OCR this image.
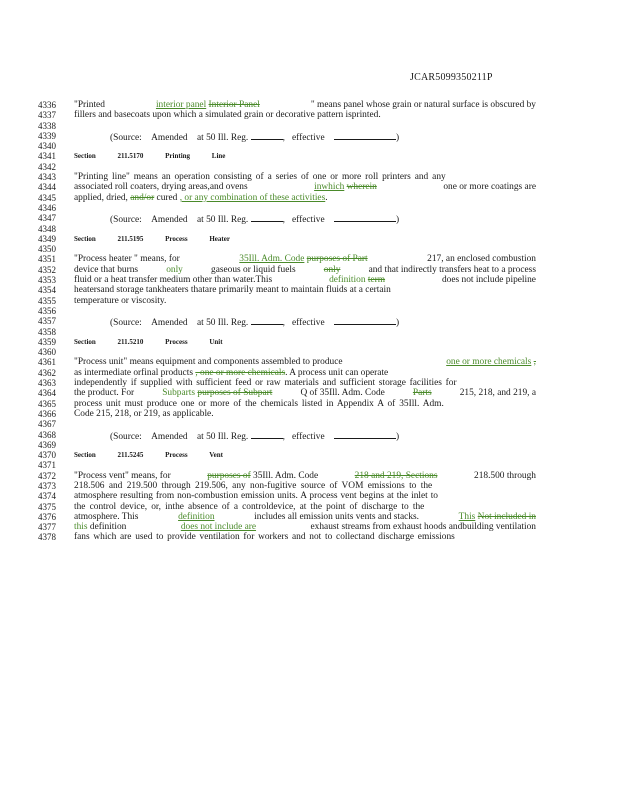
JCAR5099350211P
4336
4337
4338
4339
4340
4341
4342
4343
4344
4345
4346
4347
4348
4349
4350
4351
4352
4353
4354
4355
4356
4357
4358
4359
4360
4361
4362
4363
4364
4365
4366
4367
4368
4369
4370
4371
4372
4373
4374
4375
4376
4377
4378
"Printed	interior panel Interior Panel	" means panel whose grain or natural surface is obscured by
fillers and basecoats upon which a simulated grain or decorative pattern isprinted.
(Source: Amended at 50 Ill. Reg.	, effective	)
Section	211.5170	Printing Line
"Printing line" means an operation consisting of a series of one or more roll printers and any
associated roll coaters, drying areas,and ovens	inwhich wherein	one or more coatings are
applied, dried, and/or cured , or any combination of these activities.
(Source: Amended at 50 Ill. Reg.	, effective	)
Section	211.5195	Process Heater
"Process heater " means, for	35Ill. Adm. Code purposes of Part	217, an enclosed combustion
device that burns	only	gaseous or liquid fuels	only	and that indirectly transfers heat to a process
fluid or a heat transfer medium other than water.This	definition term	does not include pipeline
heatersand storage tankheaters thatare primarily meant to maintain fluids at a certain
temperature or viscosity.
(Source: Amended at 50 Ill. Reg.	, effective	)
Section	211.5210	Process Unit
"Process unit" means equipment and components assembled to produce	one or more chemicals ,
as intermediate orfinal products , one or more chemicals. A process unit can operate
independently if supplied with sufficient feed or raw materials and sufficient storage facilities for
the product. For	Subparts purposes of Subpart	Q of 35Ill. Adm. Code	Parts	215, 218, and 219, a
process unit must produce one or more of the chemicals listed in Appendix A of 35Ill. Adm.
Code 215, 218, or 219, as applicable.
(Source: Amended at 50 Ill. Reg.	, effective	)
Section	211.5245	Process Vent
"Process vent" means, for	purposes of 35Ill. Adm. Code	218 and 219, Sections	218.500 through
218.506 and 219.500 through 219.506, any non-fugitive source of VOM emissions to the
atmosphere resulting from non-combustion emission units. A process vent begins at the inlet to
the control device, or, inthe absence of a controldevice, at the point of discharge to the
atmosphere. This	definition	includes all emission units vents and stacks.	This Not included in
this definition	does not include are	exhaust streams from exhaust hoods andbuilding ventilation
fans which are used to provide ventilation for workers and not to collectand discharge emissions
